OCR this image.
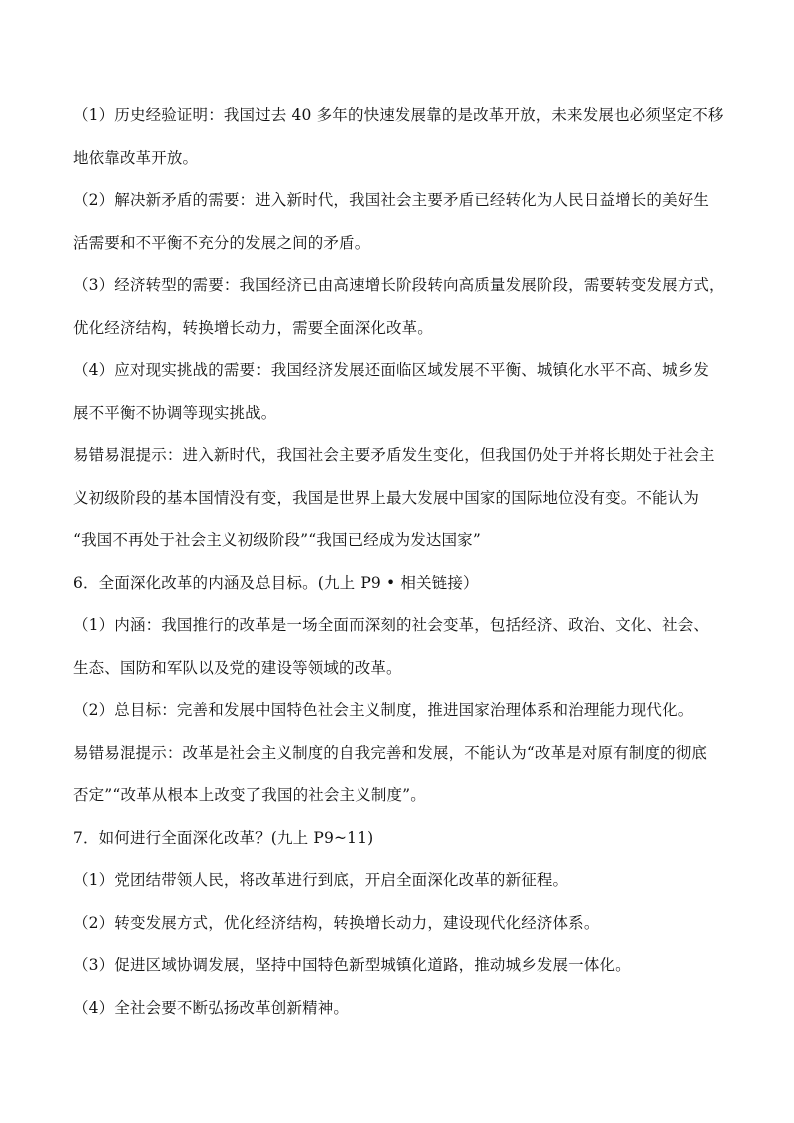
（1）历史经验证明：我国过去 40 多年的快速发展靠的是改革开放，未来发展也必须坚定不移
地依靠改革开放。
（2）解决新矛盾的需要：进入新时代，我国社会主要矛盾已经转化为人民日益增长的美好生
活需要和不平衡不充分的发展之间的矛盾。
（3）经济转型的需要：我国经济已由高速增长阶段转向高质量发展阶段，需要转变发展方式，
优化经济结构，转换增长动力，需要全面深化改革。
（4）应对现实挑战的需要：我国经济发展还面临区域发展不平衡、城镇化水平不高、城乡发
展不平衡不协调等现实挑战。
易错易混提示：进入新时代，我国社会主要矛盾发生变化，但我国仍处于并将长期处于社会主
义初级阶段的基本国情没有变，我国是世界上最大发展中国家的国际地位没有变。不能认为
“我国不再处于社会主义初级阶段”“我国已经成为发达国家”
6．全面深化改革的内涵及总目标。(九上 P9 • 相关链接）
（1）内涵：我国推行的改革是一场全面而深刻的社会变革，包括经济、政治、文化、社会、
生态、国防和军队以及党的建设等领域的改革。
（2）总目标：完善和发展中国特色社会主义制度，推进国家治理体系和治理能力现代化。
易错易混提示：改革是社会主义制度的自我完善和发展，不能认为“改革是对原有制度的彻底
否定”“改革从根本上改变了我国的社会主义制度”。
7．如何进行全面深化改革？(九上 P9~11)
（1）党团结带领人民，将改革进行到底，开启全面深化改革的新征程。
（2）转变发展方式，优化经济结构，转换增长动力，建设现代化经济体系。
（3）促进区域协调发展，坚持中国特色新型城镇化道路，推动城乡发展一体化。
（4）全社会要不断弘扬改革创新精神。
